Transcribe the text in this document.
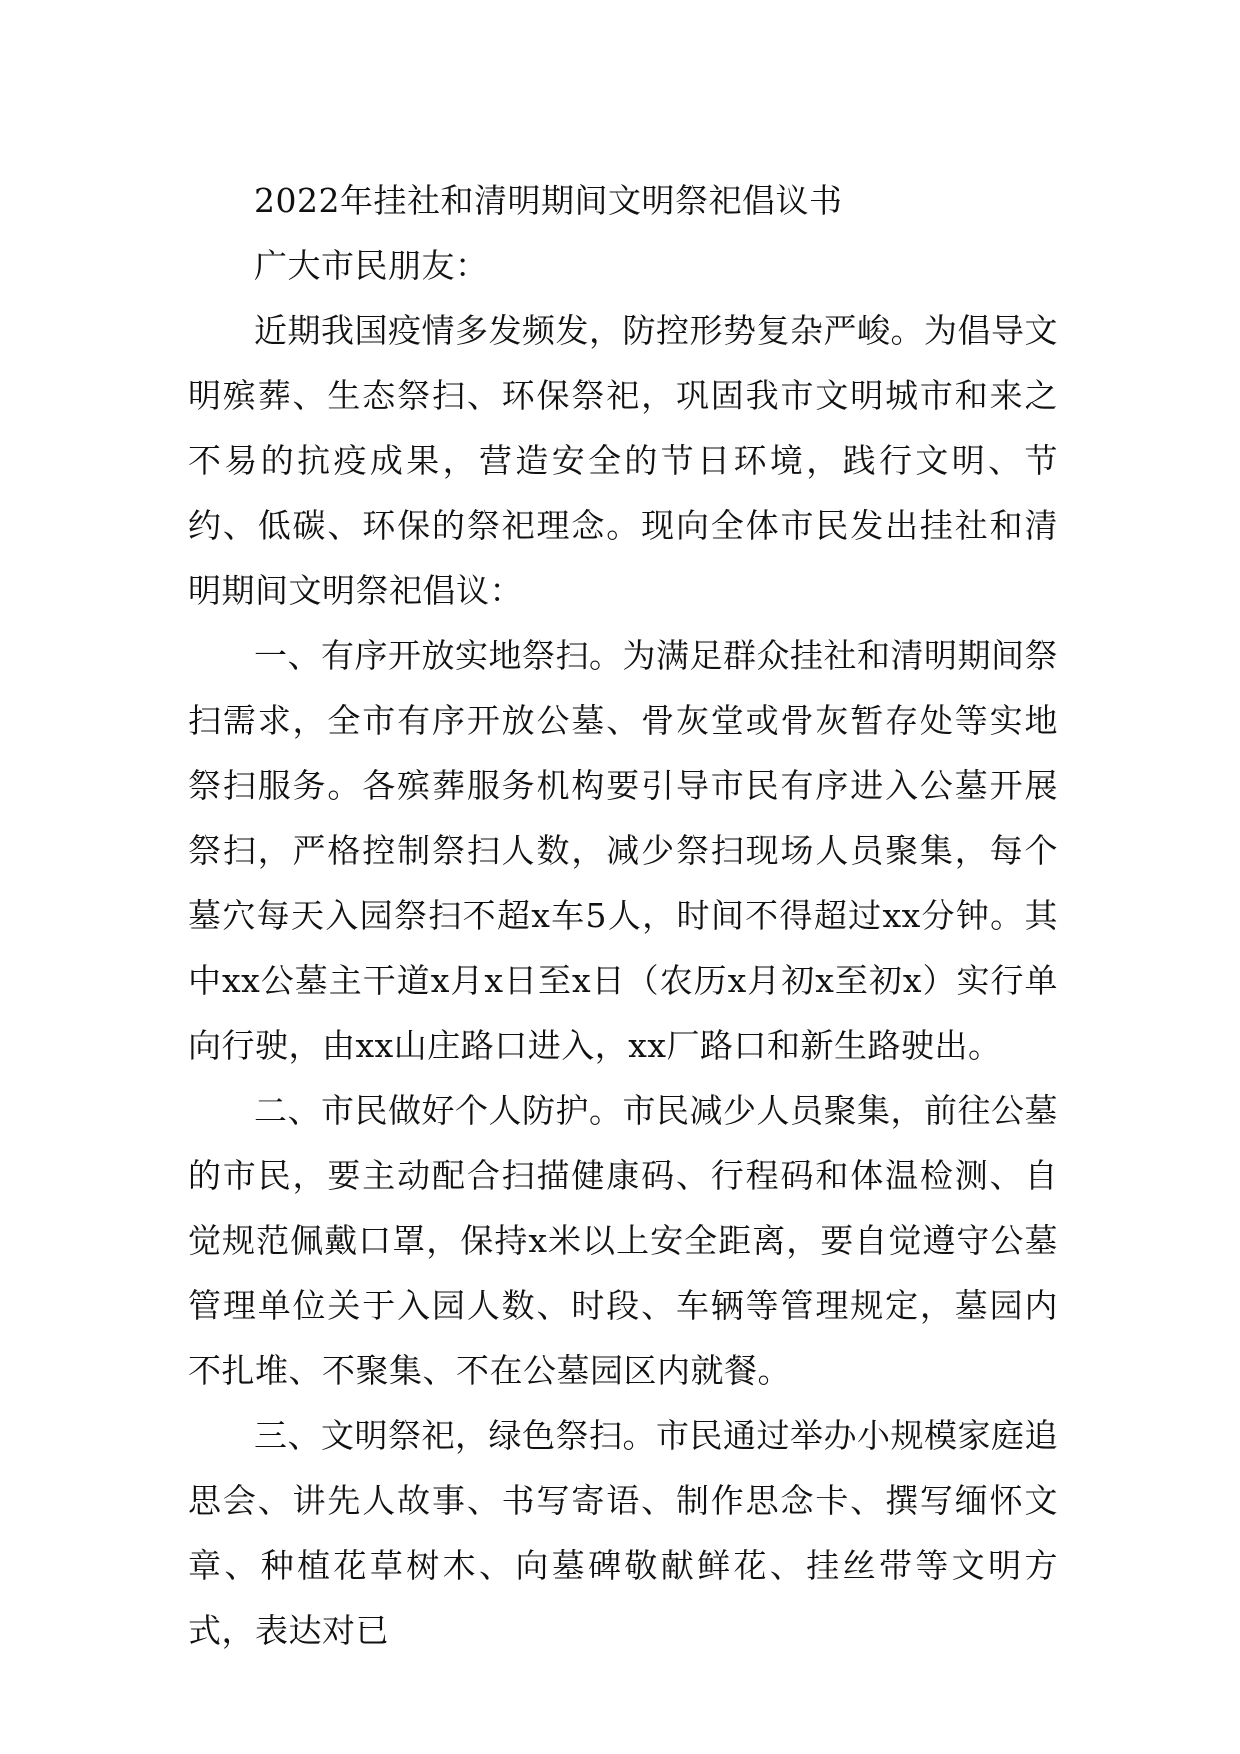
2022年挂社和清明期间文明祭祀倡议书

广大市民朋友：

近期我国疫情多发频发，防控形势复杂严峻。为倡导文明殡葬、生态祭扫、环保祭祀，巩固我市文明城市和来之不易的抗疫成果，营造安全的节日环境，践行文明、节约、低碳、环保的祭祀理念。现向全体市民发出挂社和清明期间文明祭祀倡议：

一、有序开放实地祭扫。为满足群众挂社和清明期间祭扫需求，全市有序开放公墓、骨灰堂或骨灰暂存处等实地祭扫服务。各殡葬服务机构要引导市民有序进入公墓开展祭扫，严格控制祭扫人数，减少祭扫现场人员聚集，每个墓穴每天入园祭扫不超x车5人，时间不得超过xx分钟。其中xx公墓主干道x月x日至x日（农历x月初x至初x）实行单向行驶，由xx山庄路口进入，xx厂路口和新生路驶出。

二、市民做好个人防护。市民减少人员聚集，前往公墓的市民，要主动配合扫描健康码、行程码和体温检测、自觉规范佩戴口罩，保持x米以上安全距离，要自觉遵守公墓管理单位关于入园人数、时段、车辆等管理规定，墓园内不扎堆、不聚集、不在公墓园区内就餐。

三、文明祭祀，绿色祭扫。市民通过举办小规模家庭追思会、讲先人故事、书写寄语、制作思念卡、撰写缅怀文章、种植花草树木、向墓碑敬献鲜花、挂丝带等文明方式，表达对已
